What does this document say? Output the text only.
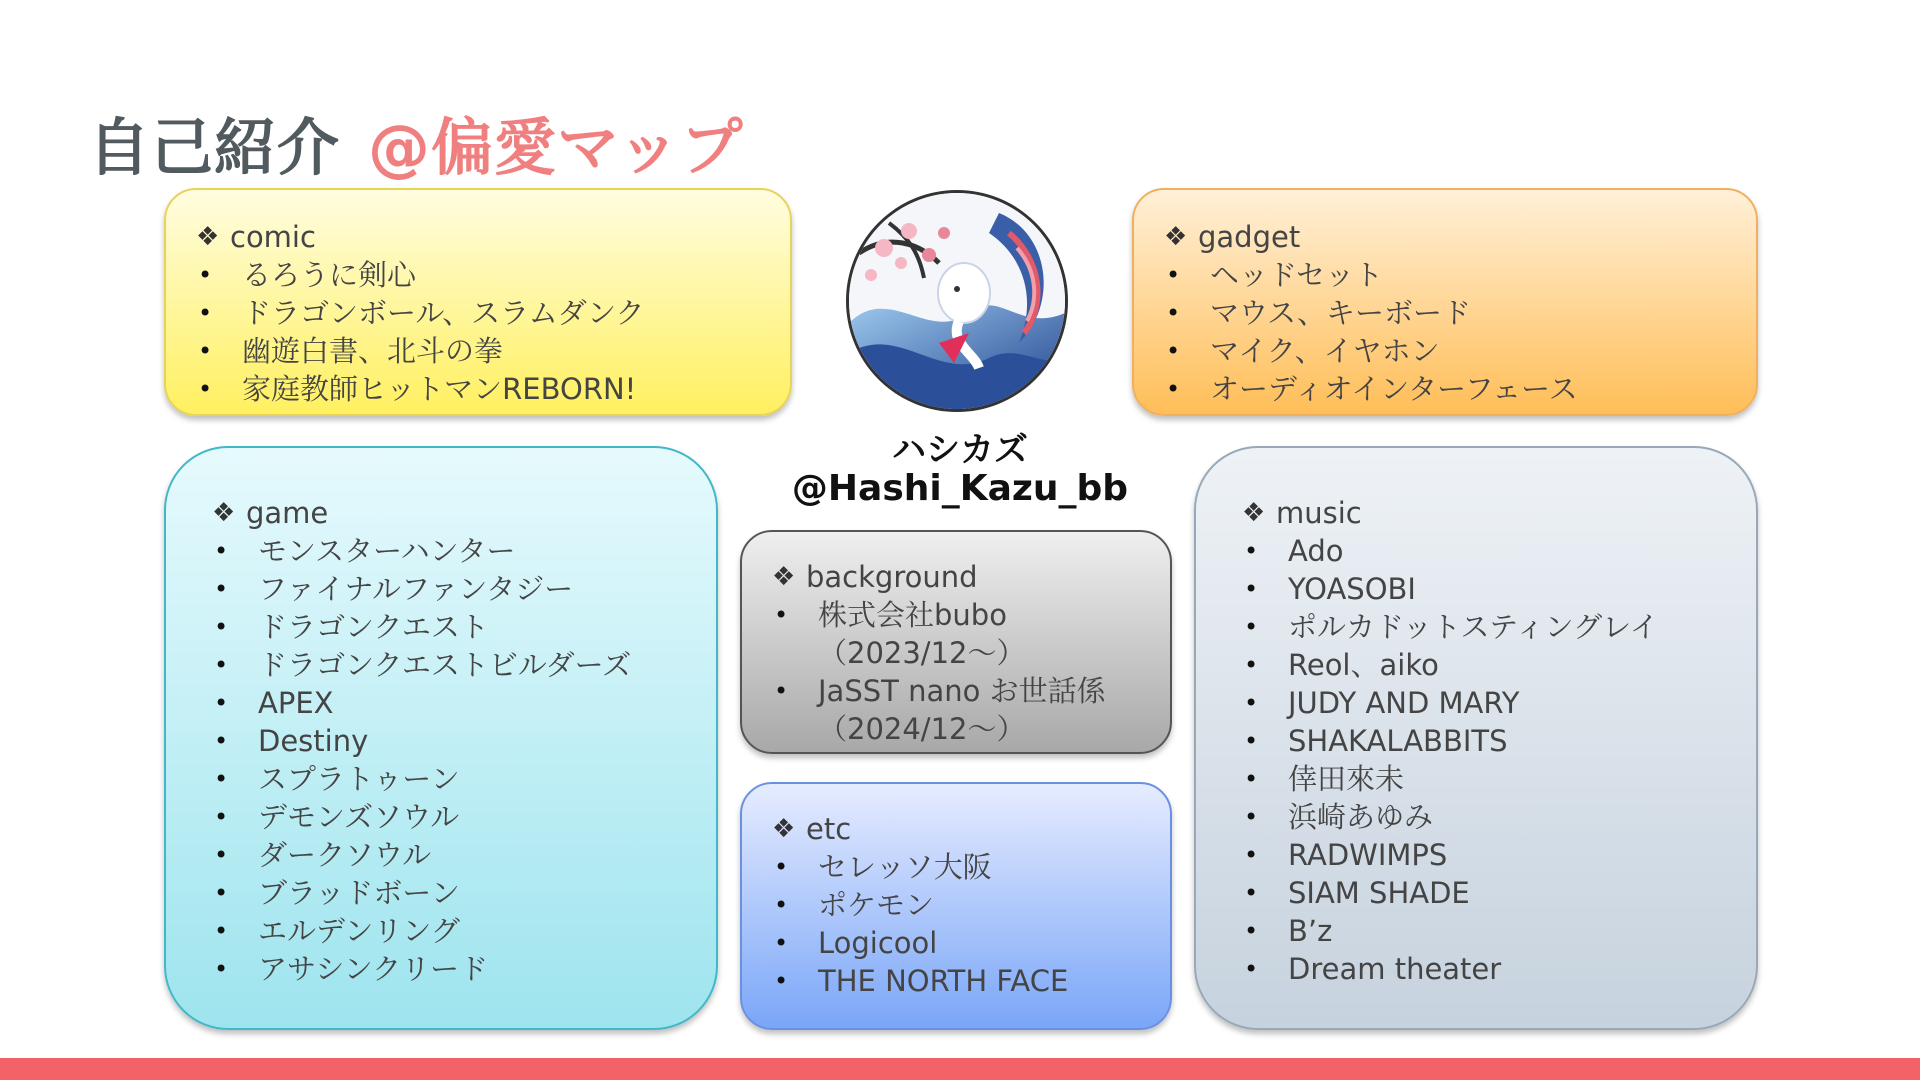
自己紹介 @偏愛マップ
❖ comic
•	るろうに剣心
•	ドラゴンボール、スラムダンク
•	幽遊白書、北斗の拳
•	家庭教師ヒットマンREBORN!
❖ gadget
•	ヘッドセット
•	マウス、キーボード
•	マイク、イヤホン
•	オーディオインターフェース
❖ game
•	モンスターハンター
•	ファイナルファンタジー
•	ドラゴンクエスト
•	ドラゴンクエストビルダーズ
•	APEX
•	Destiny
•	スプラトゥーン
•	デモンズソウル
•	ダークソウル
•	ブラッドボーン
•	エルデンリング
•	アサシンクリード
ハシカズ
@Hashi_Kazu_bb
❖ background
•	株式会社bubo
（2023/12～）
•	JaSST nano お世話係
（2024/12～）
❖ etc
•	セレッソ大阪
•	ポケモン
•	Logicool
•	THE NORTH FACE
❖ music
•	Ado
•	YOASOBI
•	ポルカドットスティングレイ
•	Reol、aiko
•	JUDY AND MARY
•	SHAKALABBITS
•	倖田來未
•	浜崎あゆみ
•	RADWIMPS
•	SIAM SHADE
•	B’z
•	Dream theater
